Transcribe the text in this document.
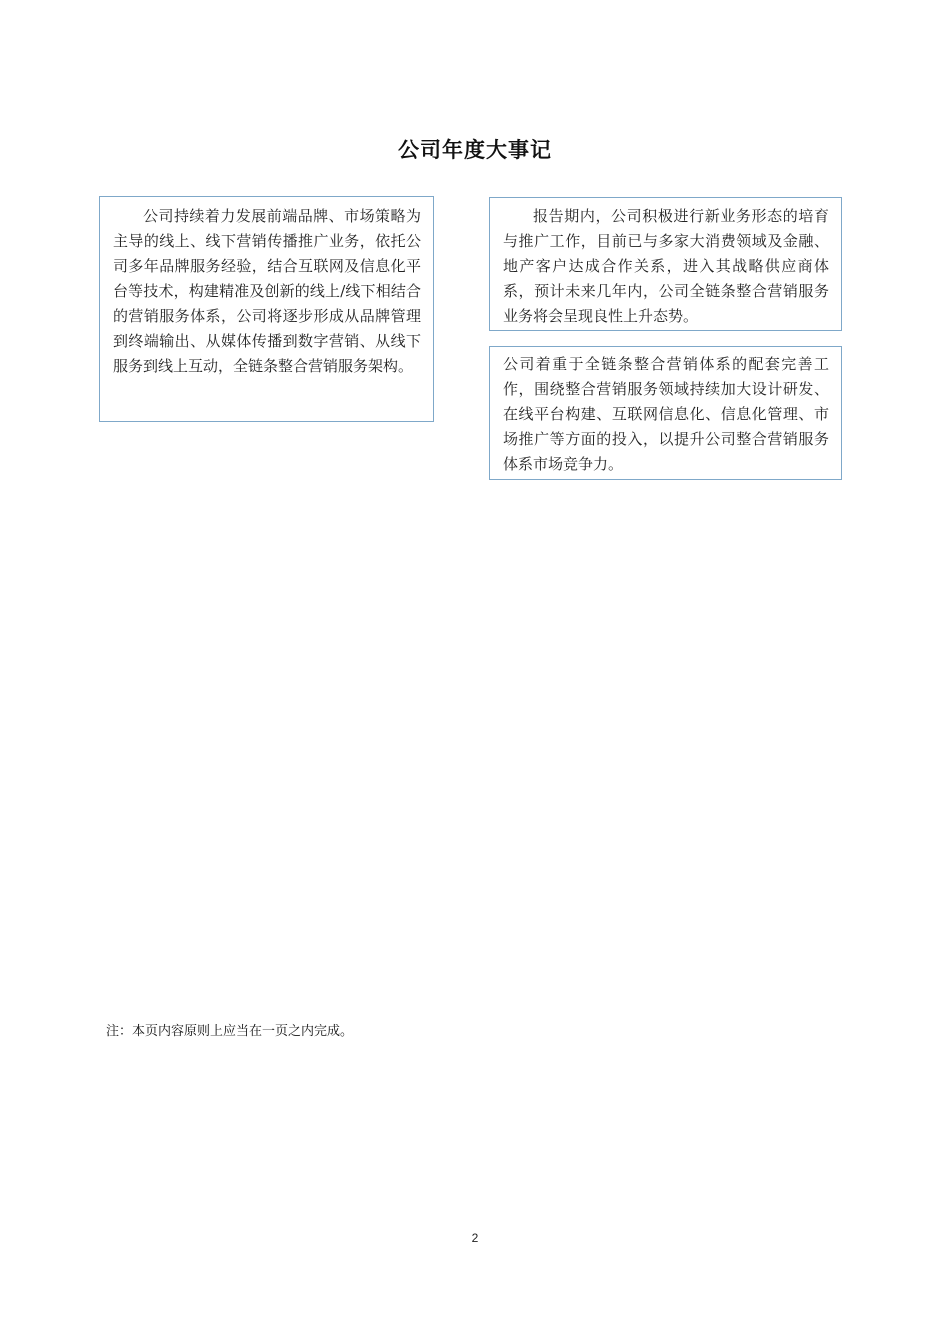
公司年度大事记

公司持续着力发展前端品牌、市场策略为主导的线上、线下营销传播推广业务，依托公司多年品牌服务经验，结合互联网及信息化平台等技术，构建精准及创新的线上/线下相结合的营销服务体系，公司将逐步形成从品牌管理到终端输出、从媒体传播到数字营销、从线下服务到线上互动，全链条整合营销服务架构。

报告期内，公司积极进行新业务形态的培育与推广工作，目前已与多家大消费领域及金融、地产客户达成合作关系，进入其战略供应商体系，预计未来几年内，公司全链条整合营销服务业务将会呈现良性上升态势。

公司着重于全链条整合营销体系的配套完善工作，围绕整合营销服务领域持续加大设计研发、在线平台构建、互联网信息化、信息化管理、市场推广等方面的投入，以提升公司整合营销服务体系市场竞争力。

注：本页内容原则上应当在一页之内完成。
2
